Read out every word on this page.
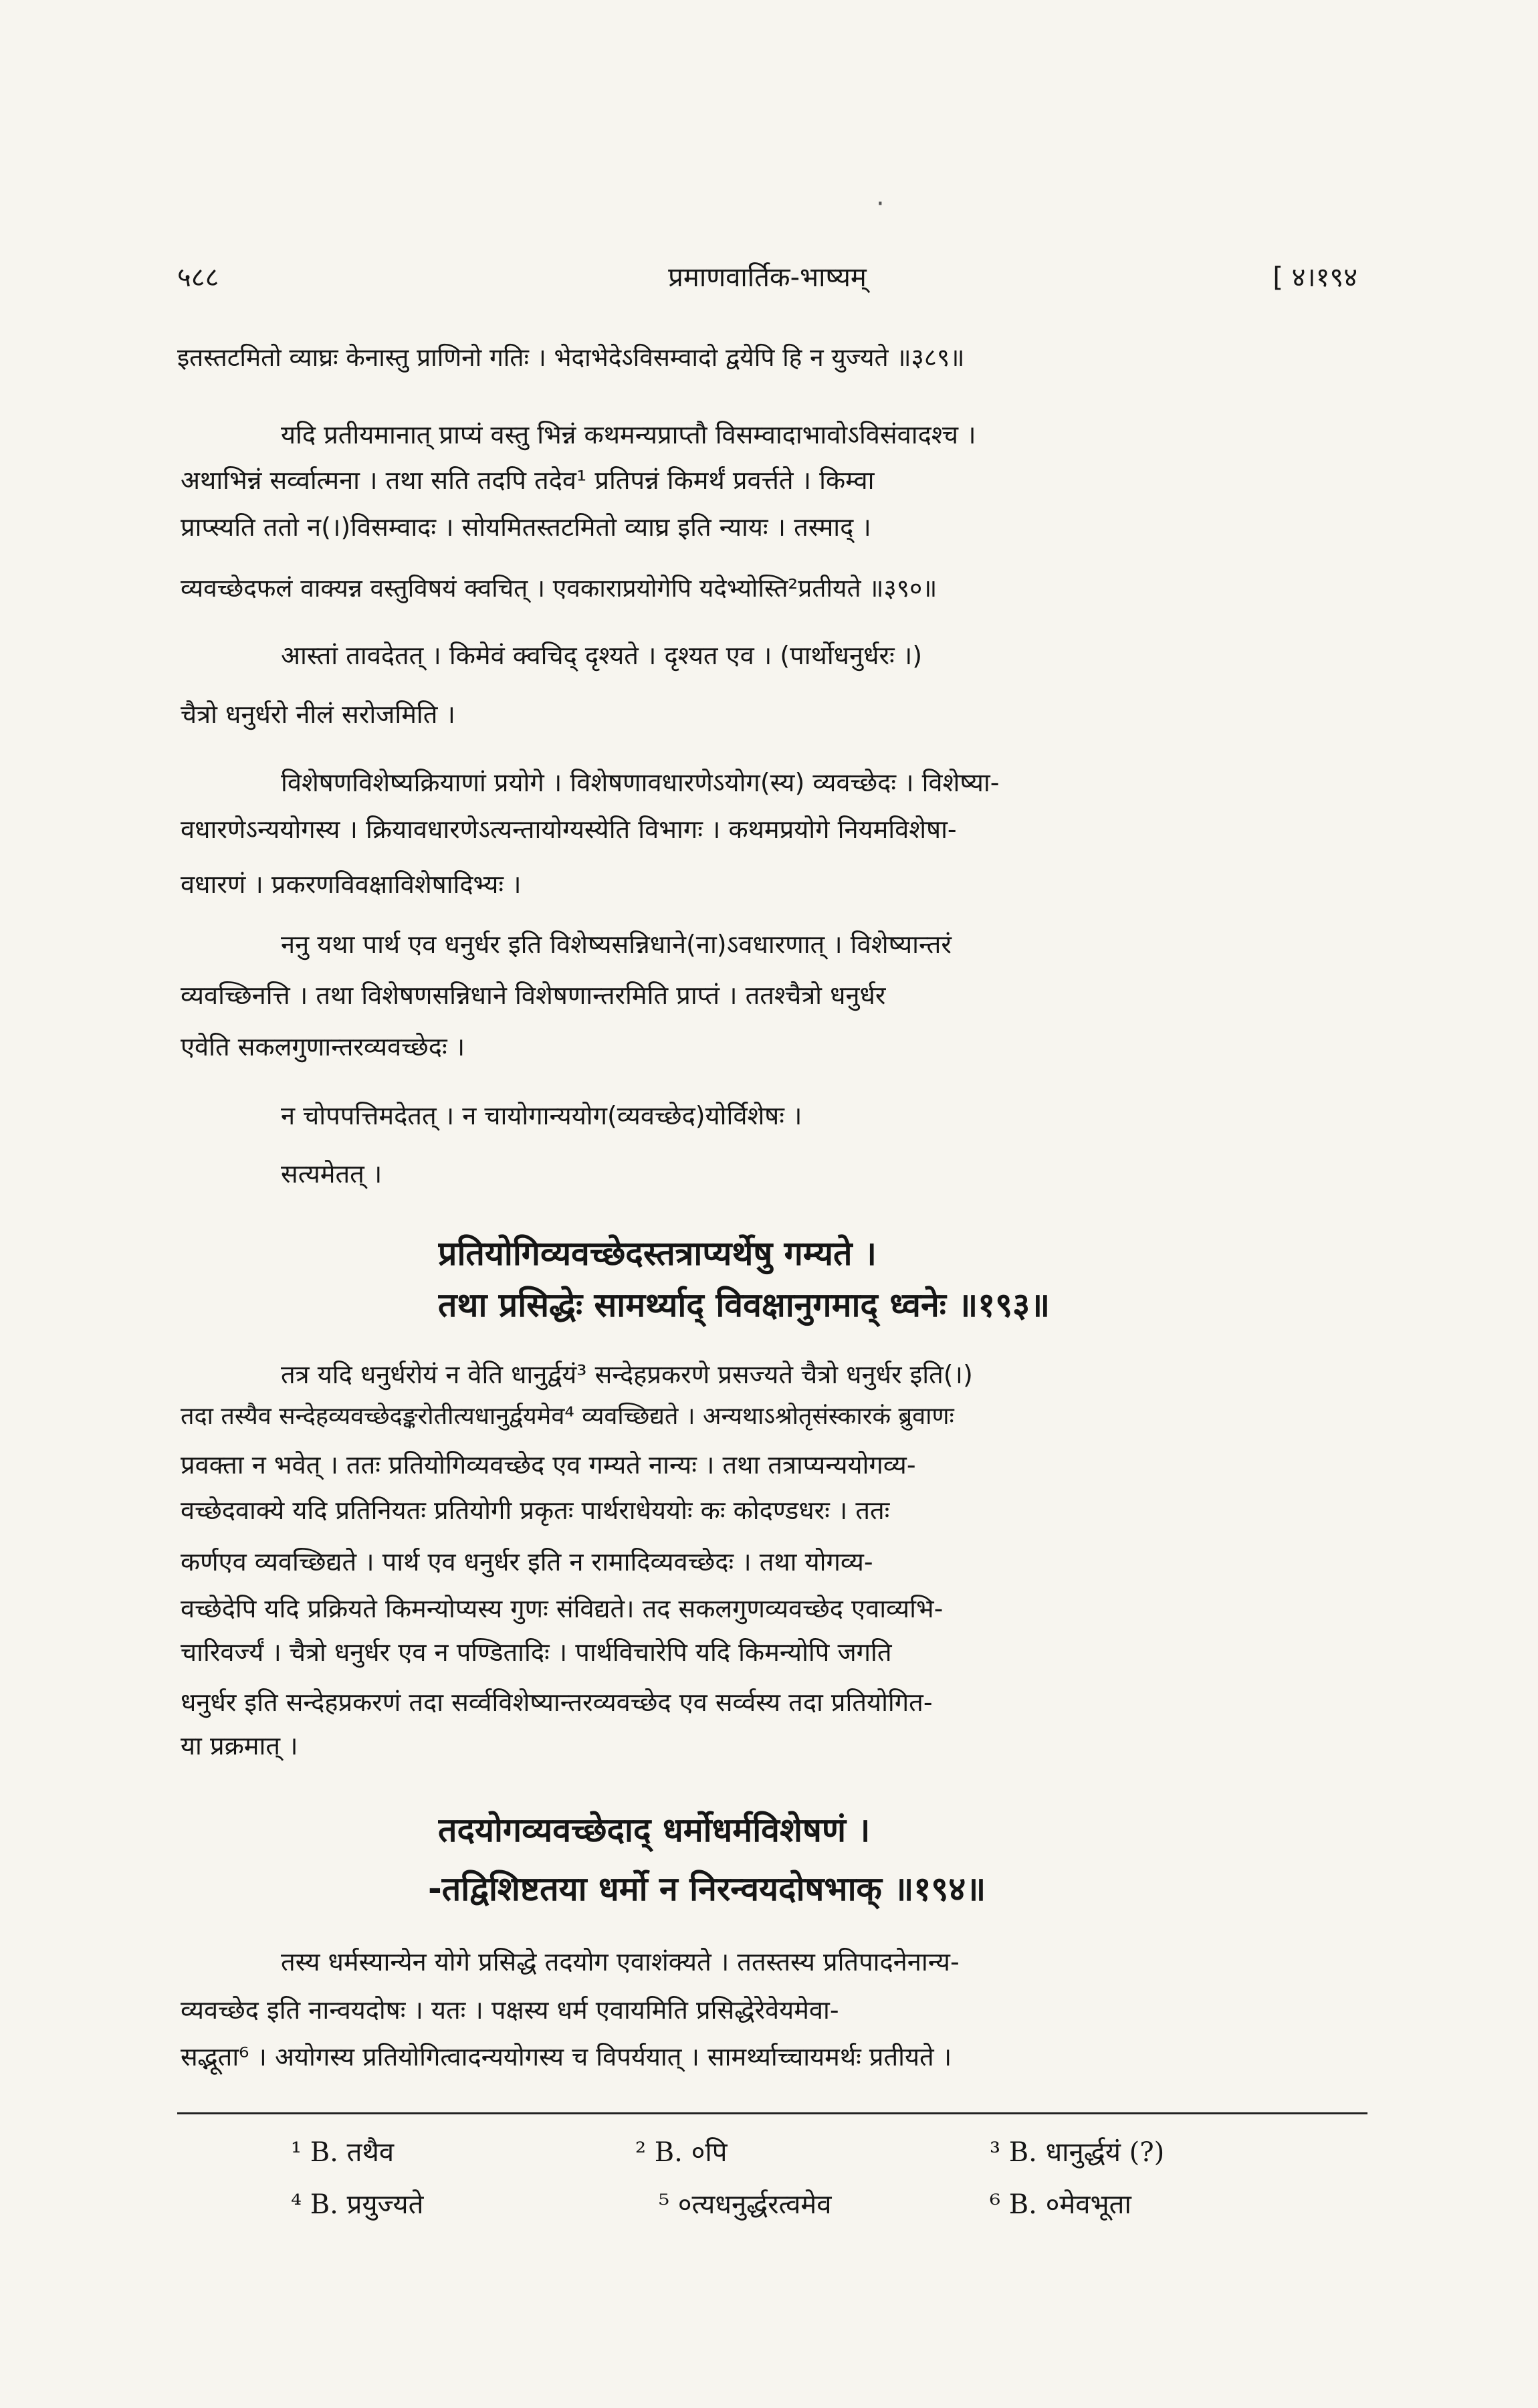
·
५८८	प्रमाणवार्तिक-भाष्यम्	[ ४।१९४
इतस्तटमितो व्याघ्रः केनास्तु प्राणिनो गतिः । भेदाभेदेऽविसम्वादो द्वयेपि हि न युज्यते ॥३८९॥
यदि प्रतीयमानात् प्राप्यं वस्तु भिन्नं कथमन्यप्राप्तौ विसम्वादाभावोऽविसंवादश्च ।
अथाभिन्नं सर्व्वात्मना । तथा सति तदपि तदेव¹ प्रतिपन्नं किमर्थं प्रवर्त्तते । किम्वा
प्राप्स्यति ततो न(।)विसम्वादः । सोयमितस्तटमितो व्याघ्र इति न्यायः । तस्माद् ।
व्यवच्छेदफलं वाक्यन्न वस्तुविषयं क्वचित् । एवकाराप्रयोगेपि यदेभ्योस्ति²प्रतीयते ॥३९०॥
आस्तां तावदेतत् । किमेवं क्वचिद् दृश्यते । दृश्यत एव । (पार्थोधनुर्धरः ।)
चैत्रो धनुर्धरो नीलं सरोजमिति ।
विशेषणविशेष्यक्रियाणां प्रयोगे । विशेषणावधारणेऽयोग(स्य) व्यवच्छेदः । विशेष्या-
वधारणेऽन्ययोगस्य । क्रियावधारणेऽत्यन्तायोग्यस्येति विभागः । कथमप्रयोगे नियमविशेषा-
वधारणं । प्रकरणविवक्षाविशेषादिभ्यः ।
ननु यथा पार्थ एव धनुर्धर इति विशेष्यसन्निधाने(ना)ऽवधारणात् । विशेष्यान्तरं
व्यवच्छिनत्ति । तथा विशेषणसन्निधाने विशेषणान्तरमिति प्राप्तं । ततश्चैत्रो धनुर्धर
एवेति सकलगुणान्तरव्यवच्छेदः ।
न चोपपत्तिमदेतत् । न चायोगान्ययोग(व्यवच्छेद)योर्विशेषः ।
सत्यमेतत् ।
प्रतियोगिव्यवच्छेदस्तत्राप्यर्थेषु गम्यते ।
तथा प्रसिद्धेः सामर्थ्याद् विवक्षानुगमाद् ध्वनेः ॥१९३॥
तत्र यदि धनुर्धरोयं न वेति धानुर्द्वयं³ सन्देहप्रकरणे प्रसज्यते चैत्रो धनुर्धर इति(।)
तदा तस्यैव सन्देहव्यवच्छेदङ्करोतीत्यधानुर्द्वयमेव⁴ व्यवच्छिद्यते । अन्यथाऽश्रोतृसंस्कारकं ब्रुवाणः
प्रवक्ता न भवेत् । ततः प्रतियोगिव्यवच्छेद एव गम्यते नान्यः । तथा तत्राप्यन्ययोगव्य-
वच्छेदवाक्ये यदि प्रतिनियतः प्रतियोगी प्रकृतः पार्थराधेययोः कः कोदण्डधरः । ततः
कर्णएव व्यवच्छिद्यते । पार्थ एव धनुर्धर इति न रामादिव्यवच्छेदः । तथा योगव्य-
वच्छेदेपि यदि प्रक्रियते किमन्योप्यस्य गुणः संविद्यते। तद सकलगुणव्यवच्छेद एवाव्यभि-
चारिवर्ज्यं । चैत्रो धनुर्धर एव न पण्डितादिः । पार्थविचारेपि यदि किमन्योपि जगति
धनुर्धर इति सन्देहप्रकरणं तदा सर्व्वविशेष्यान्तरव्यवच्छेद एव सर्व्वस्य तदा प्रतियोगित-
या प्रक्रमात् ।
तदयोगव्यवच्छेदाद् धर्मोधर्मविशेषणं ।
-तद्विशिष्टतया धर्मो न निरन्वयदोषभाक् ॥१९४॥
तस्य धर्मस्यान्येन योगे प्रसिद्धे तदयोग एवाशंक्यते । ततस्तस्य प्रतिपादनेनान्य-
व्यवच्छेद इति नान्वयदोषः । यतः । पक्षस्य धर्म एवायमिति प्रसिद्धेरेवेयमेवा-
सद्भूता⁶ । अयोगस्य प्रतियोगित्वादन्ययोगस्य च विपर्ययात् । सामर्थ्याच्चायमर्थः प्रतीयते ।
¹ B. तथैव	² B. ०पि	³ B. धानुर्द्धयं (?)
⁴ B. प्रयुज्यते	⁵ ०त्यधनुर्द्धरत्वमेव	⁶ B. ०मेवभूता
